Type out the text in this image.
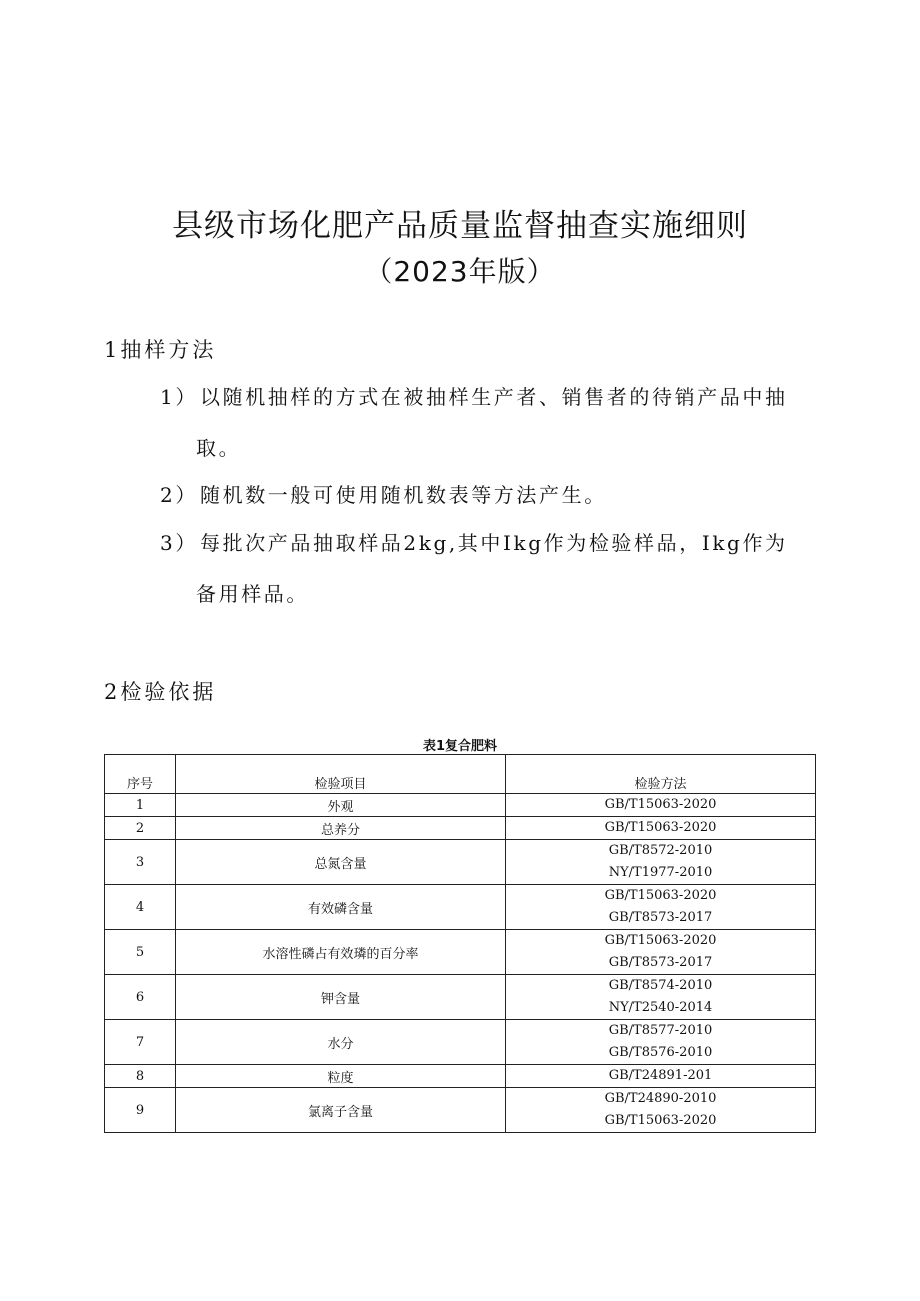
县级市场化肥产品质量监督抽查实施细则
（2023年版）
1抽样方法
1） 以随机抽样的方式在被抽样生产者、销售者的待销产品中抽
取。
2） 随机数一般可使用随机数表等方法产生。
3） 每批次产品抽取样品2kg,其中Ikg作为检验样品，Ikg作为
备用样品。
2检验依据
表1复合肥料
序号	检验项目	检验方法
1	外观	GB/T15063-2020

2	总养分	GB/T15063-2020

3	总氮含量	GB/T8572-2010
NY/T1977-2010

4	有效磷含量	GB/T15063-2020
GB/T8573-2017

5	水溶性磷占有效璘的百分率	GB/T15063-2020
GB/T8573-2017

6	钾含量	GB/T8574-2010
NY/T2540-2014

7	水分	GB/T8577-2010
GB/T8576-2010

8	粒度	GB/T24891-201

9	氯离子含量	GB/T24890-2010
GB/T15063-2020
